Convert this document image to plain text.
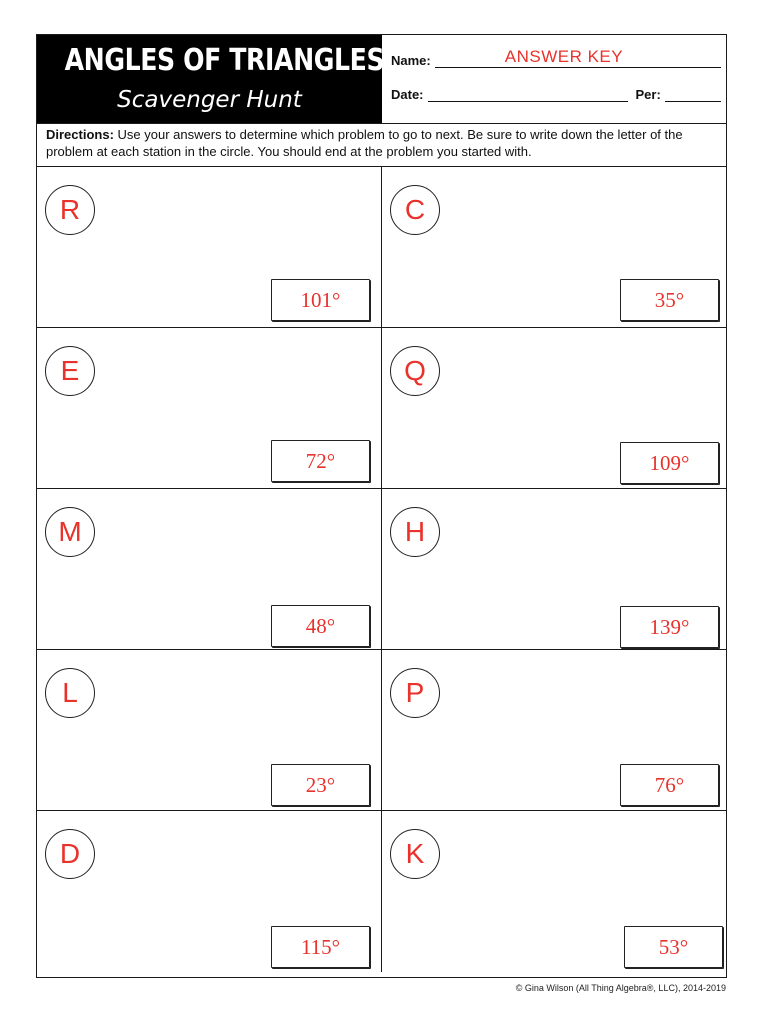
ANGLES OF TRIANGLES
Scavenger Hunt
Name:	ANSWER KEY
Date:	Per:
Directions: Use your answers to determine which problem to go to next. Be sure to write down the letter of the problem at each station in the circle. You should end at the problem you started with.
R
101°
C
35°
E
72°
Q
109°
M
48°
H
139°
L
23°
P
76°
D
115°
K
53°
© Gina Wilson (All Thing Algebra®, LLC), 2014-2019
